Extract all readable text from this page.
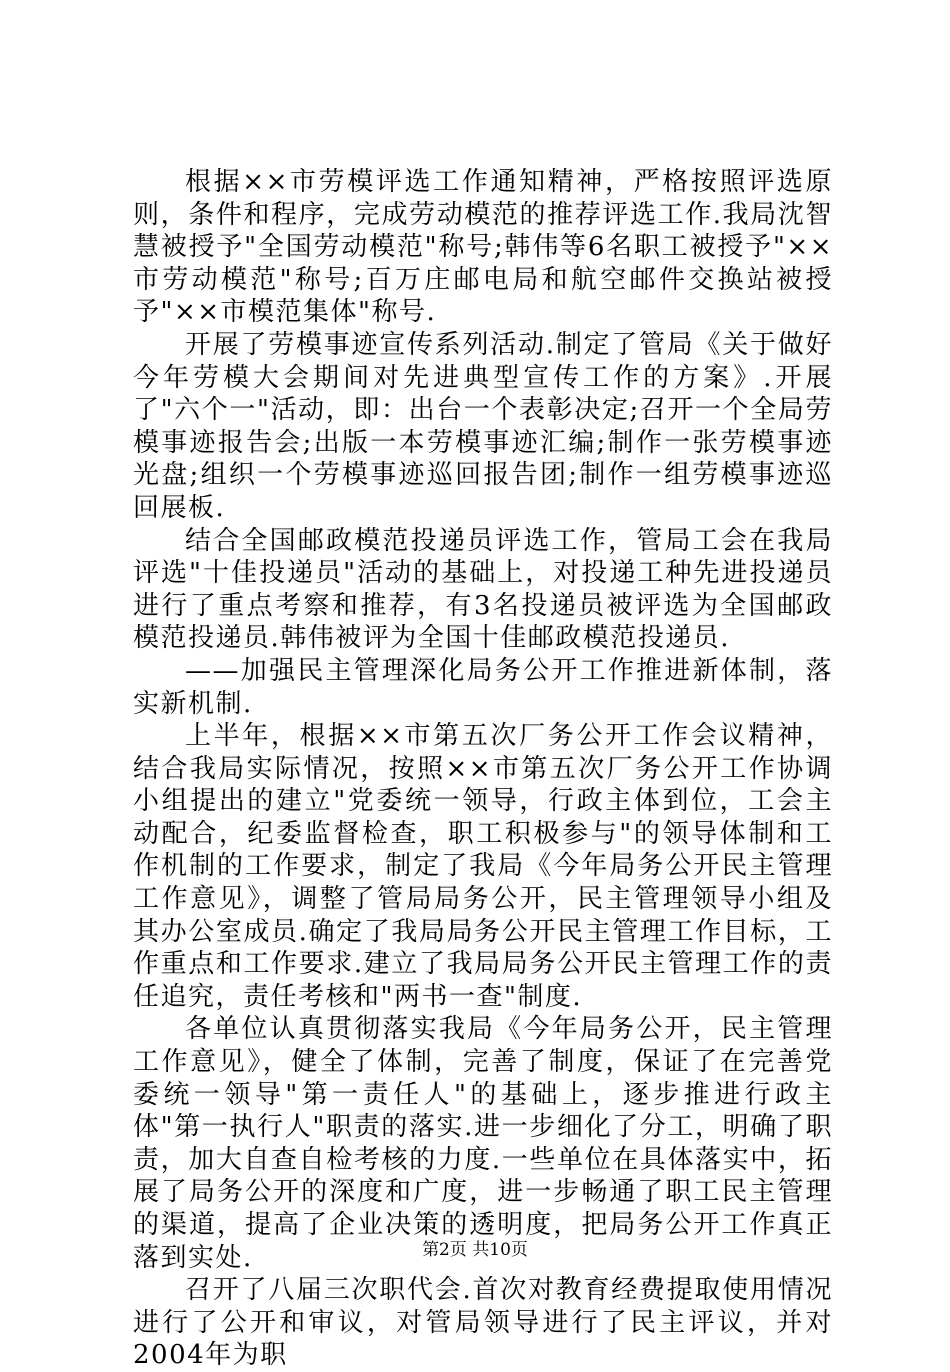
根据××市劳模评选工作通知精神，严格按照评选原则，条件和程序，完成劳动模范的推荐评选工作.我局沈智慧被授予"全国劳动模范"称号;韩伟等6名职工被授予"××市劳动模范"称号;百万庄邮电局和航空邮件交换站被授予"××市模范集体"称号.

开展了劳模事迹宣传系列活动.制定了管局《关于做好今年劳模大会期间对先进典型宣传工作的方案》.开展了"六个一"活动，即：出台一个表彰决定;召开一个全局劳模事迹报告会;出版一本劳模事迹汇编;制作一张劳模事迹光盘;组织一个劳模事迹巡回报告团;制作一组劳模事迹巡回展板.

结合全国邮政模范投递员评选工作，管局工会在我局评选"十佳投递员"活动的基础上，对投递工种先进投递员进行了重点考察和推荐，有3名投递员被评选为全国邮政模范投递员.韩伟被评为全国十佳邮政模范投递员.

——加强民主管理深化局务公开工作推进新体制，落实新机制.

上半年，根据××市第五次厂务公开工作会议精神，结合我局实际情况，按照××市第五次厂务公开工作协调小组提出的建立"党委统一领导，行政主体到位，工会主动配合，纪委监督检查，职工积极参与"的领导体制和工作机制的工作要求，制定了我局《今年局务公开民主管理工作意见》，调整了管局局务公开，民主管理领导小组及其办公室成员.确定了我局局务公开民主管理工作目标，工作重点和工作要求.建立了我局局务公开民主管理工作的责任追究，责任考核和"两书一查"制度.

各单位认真贯彻落实我局《今年局务公开，民主管理工作意见》，健全了体制，完善了制度，保证了在完善党委统一领导"第一责任人"的基础上，逐步推进行政主体"第一执行人"职责的落实.进一步细化了分工，明确了职责，加大自查自检考核的力度.一些单位在具体落实中，拓展了局务公开的深度和广度，进一步畅通了职工民主管理的渠道，提高了企业决策的透明度，把局务公开工作真正落到实处.

召开了八届三次职代会.首次对教育经费提取使用情况进行了公开和审议，对管局领导进行了民主评议，并对2004年为职

第2页 共10页
